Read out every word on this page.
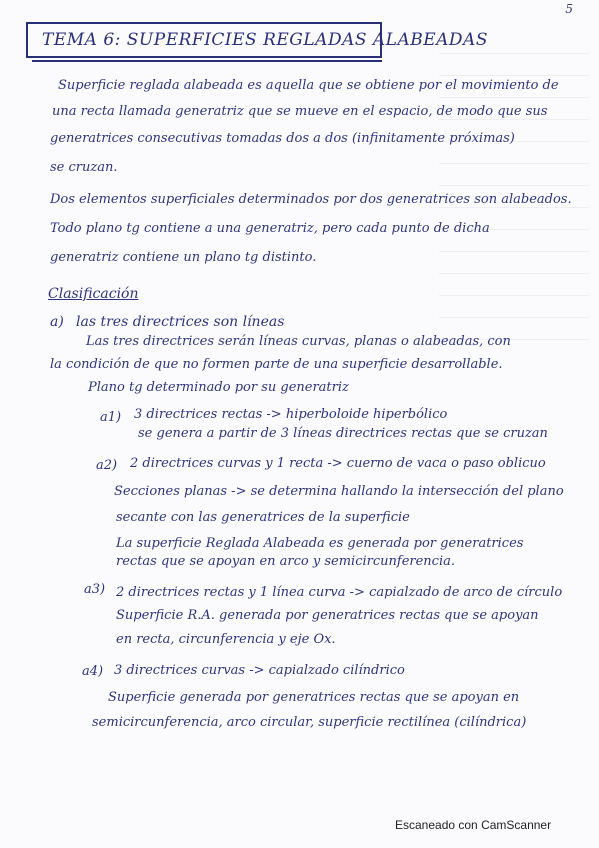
5
TEMA 6: SUPERFICIES REGLADAS ALABEADAS
Superficie reglada alabeada es aquella que se obtiene por el movimiento de
una recta llamada generatriz que se mueve en el espacio, de modo que sus
generatrices consecutivas tomadas dos a dos (infinitamente próximas)
se cruzan.
Dos elementos superficiales determinados por dos generatrices son alabeados.
Todo plano tg contiene a una generatriz, pero cada punto de dicha
generatriz contiene un plano tg distinto.
Clasificación
a) las tres directrices son líneas
Las tres directrices serán líneas curvas, planas o alabeadas, con
la condición de que no formen parte de una superficie desarrollable.
Plano tg determinado por su generatriz
a1) 3 directrices rectas -> hiperboloide hiperbólico
se genera a partir de 3 líneas directrices rectas que se cruzan
a2) 2 directrices curvas y 1 recta -> cuerno de vaca o paso oblicuo
Secciones planas -> se determina hallando la intersección del plano
secante con las generatrices de la superficie
La superficie Reglada Alabeada es generada por generatrices
rectas que se apoyan en arco y semicircunferencia.
a3) 2 directrices rectas y 1 línea curva -> capialzado de arco de círculo
Superficie R.A. generada por generatrices rectas que se apoyan
en recta, circunferencia y eje Ox.
a4) 3 directrices curvas -> capialzado cilíndrico
Superficie generada por generatrices rectas que se apoyan en
semicircunferencia, arco circular, superficie rectilínea (cilíndrica)
Escaneado con CamScanner
